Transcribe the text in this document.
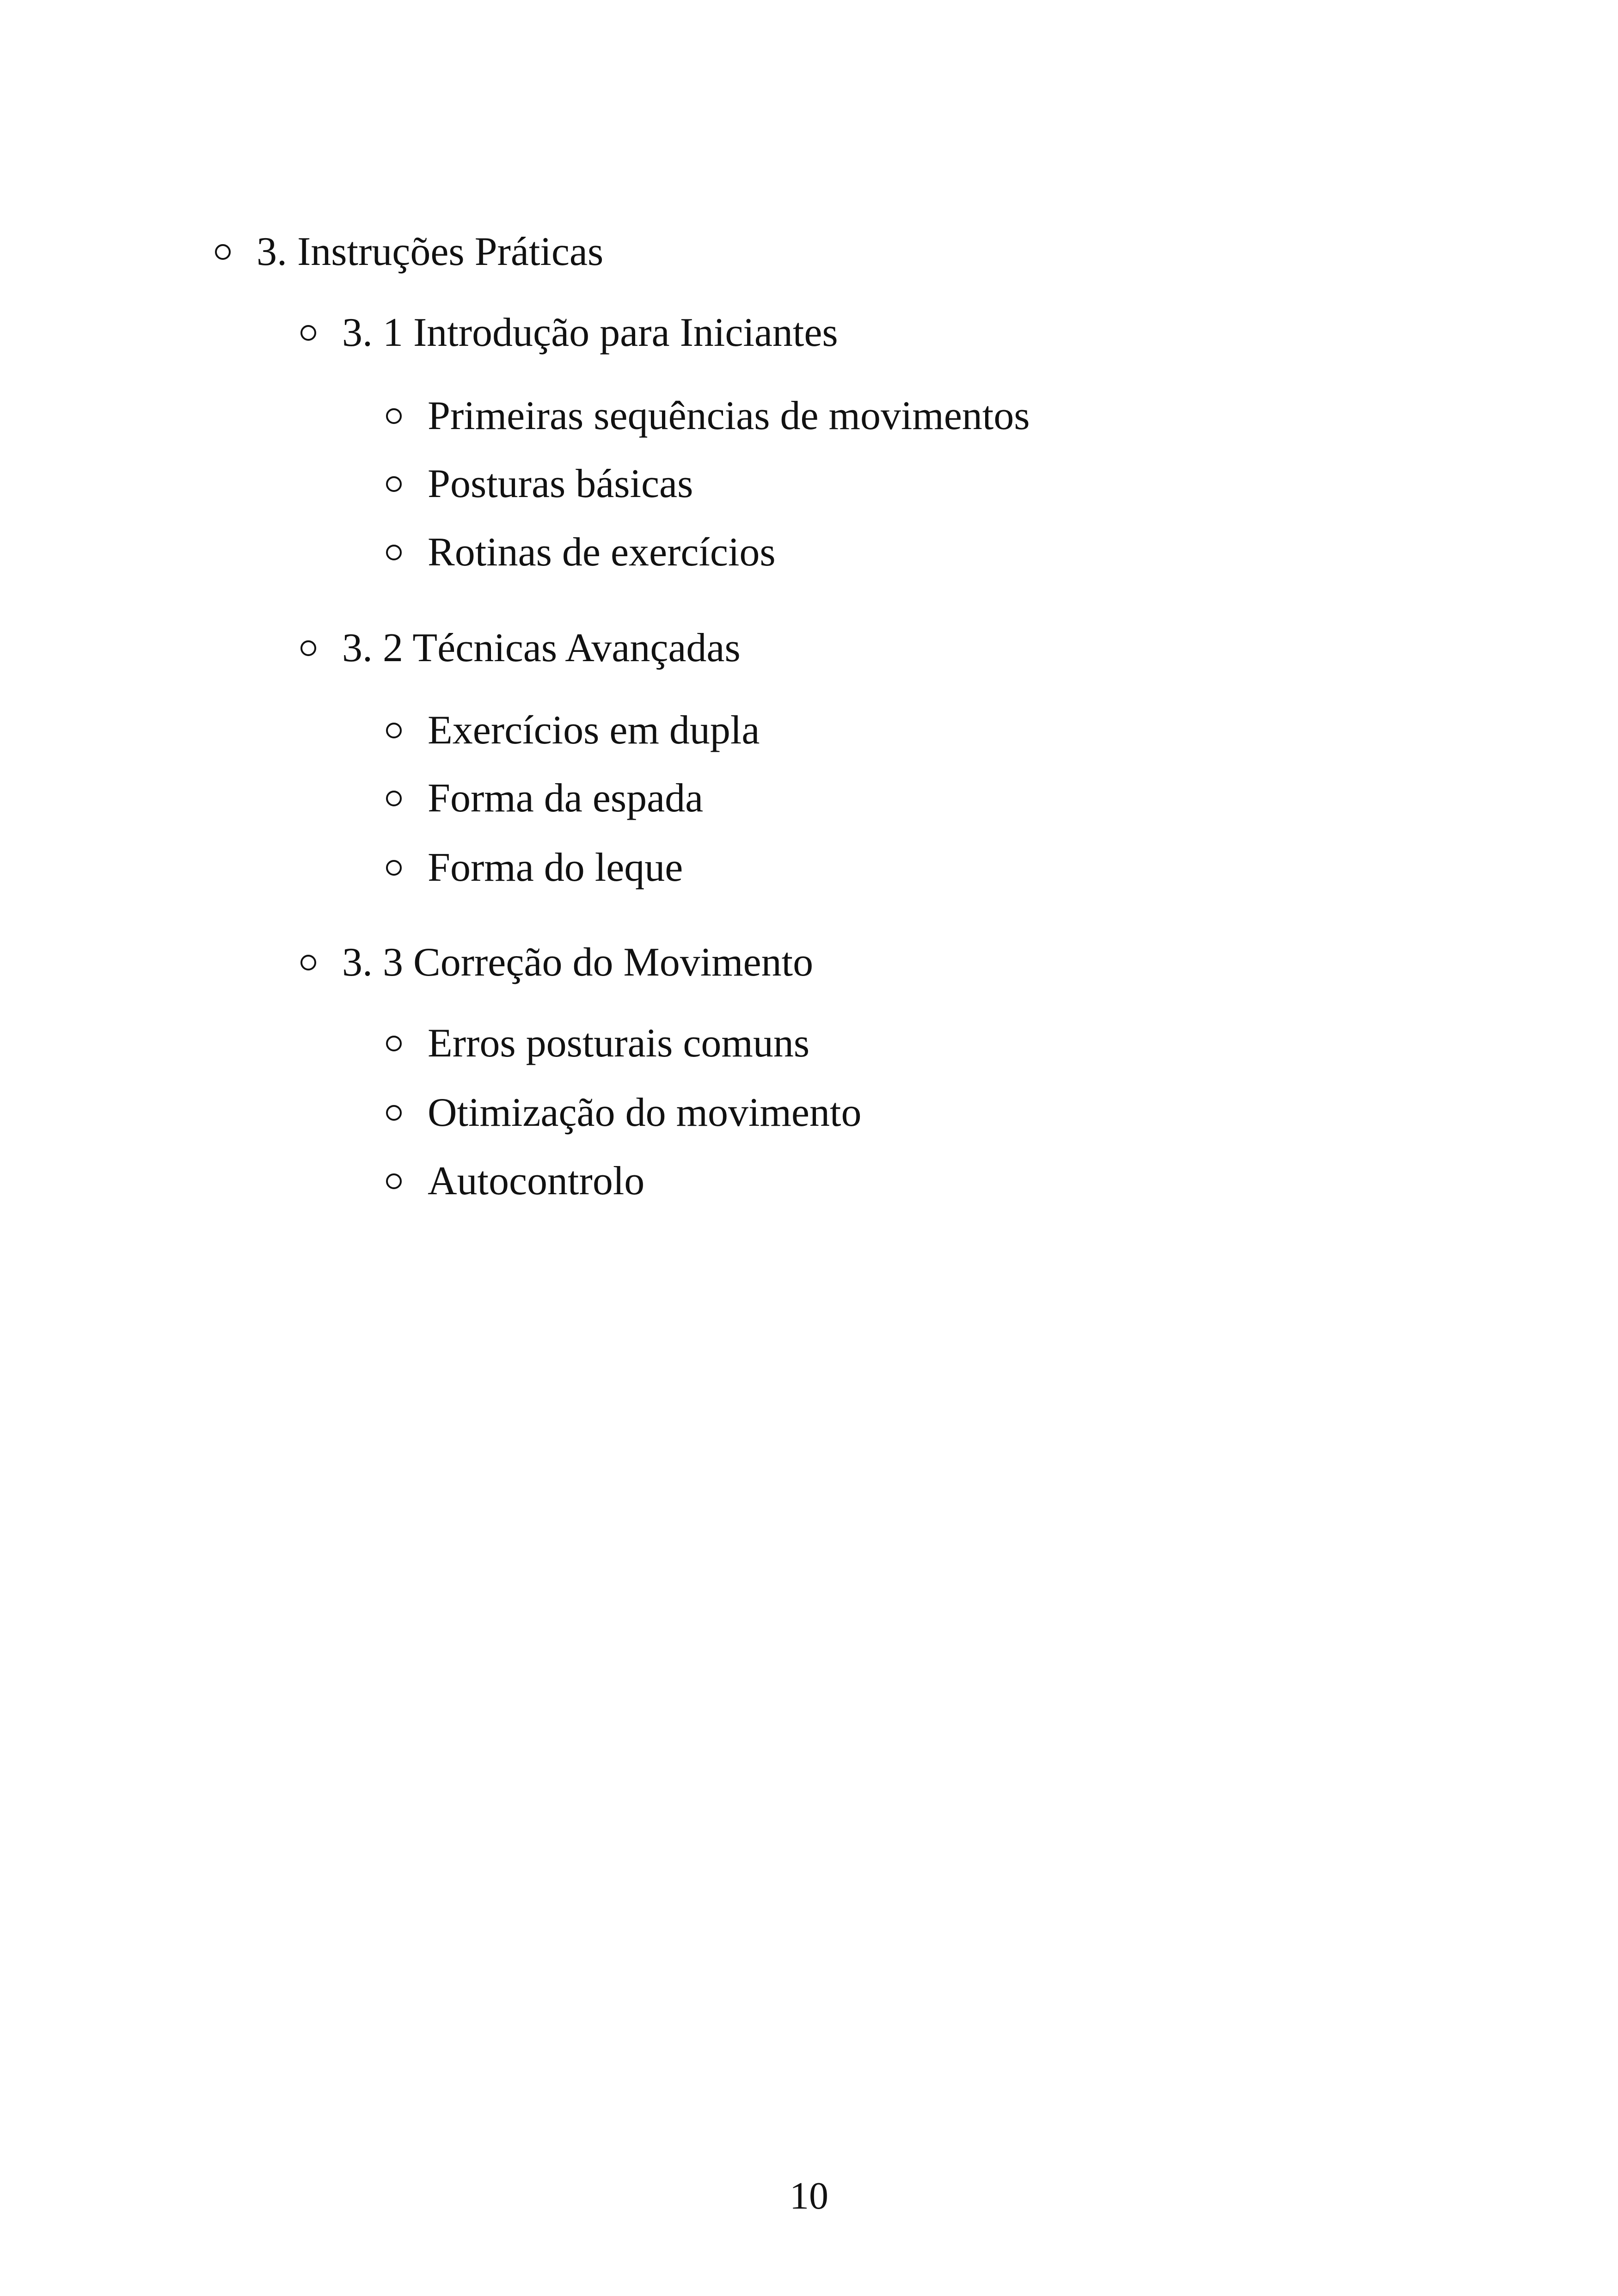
3. Instruções Práticas
3. 1 Introdução para Iniciantes
Primeiras sequências de movimentos
Posturas básicas
Rotinas de exercícios
3. 2 Técnicas Avançadas
Exercícios em dupla
Forma da espada
Forma do leque
3. 3 Correção do Movimento
Erros posturais comuns
Otimização do movimento
Autocontrolo
10
